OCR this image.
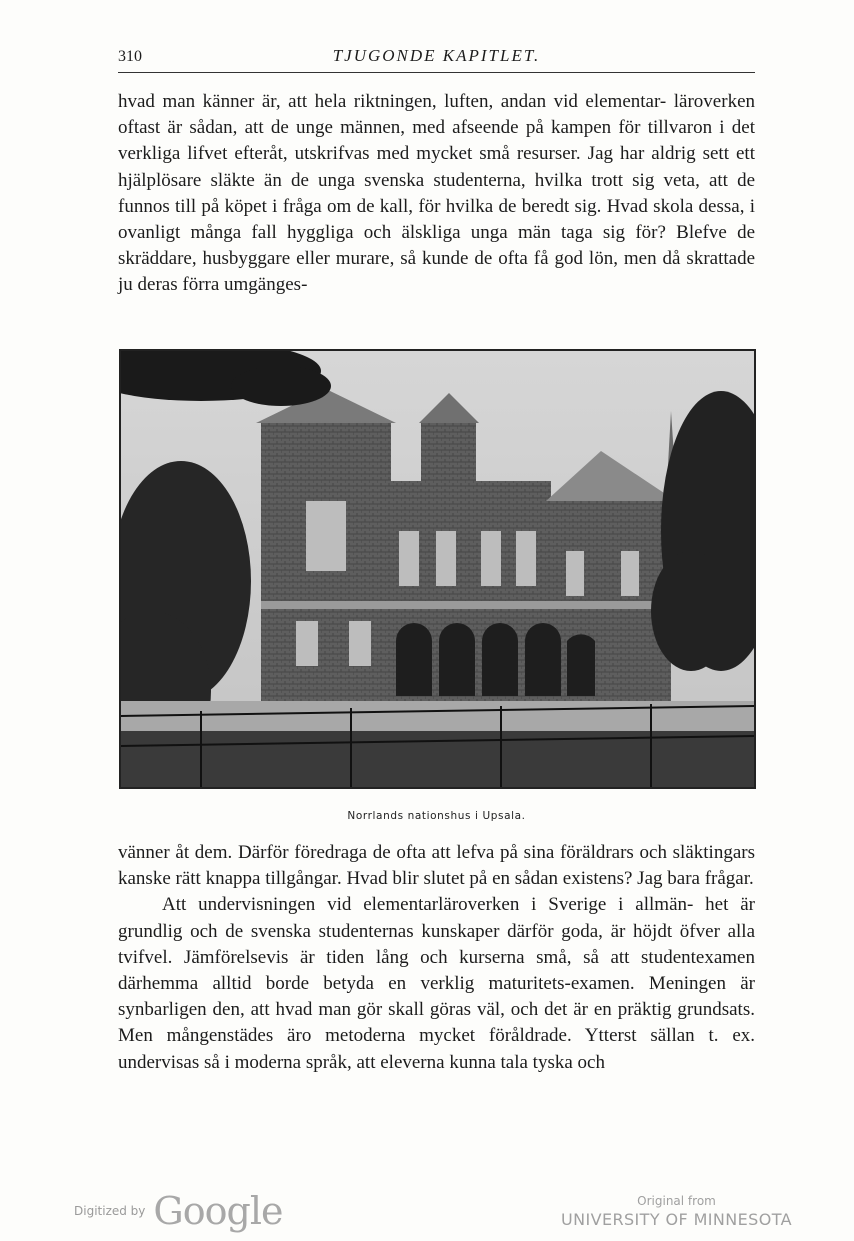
310	TJUGONDE KAPITLET.

hvad man känner är, att hela riktningen, luften, andan vid elementar- läroverken oftast är sådan, att de unge männen, med afseende på kampen för tillvaron i det verkliga lifvet efteråt, utskrifvas med mycket små resurser. Jag har aldrig sett ett hjälplösare släkte än de unga svenska studenterna, hvilka trott sig veta, att de funnos till på köpet i fråga om de kall, för hvilka de beredt sig. Hvad skola dessa, i ovanligt många fall hyggliga och älskliga unga män taga sig för? Blefve de skräddare, husbyggare eller murare, så kunde de ofta få god lön, men då skrattade ju deras förra umgänges-

Norrlands nationshus i Upsala.

vänner åt dem. Därför föredraga de ofta att lefva på sina föräldrars och släktingars kanske rätt knappa tillgångar. Hvad blir slutet på en sådan existens? Jag bara frågar.

Att undervisningen vid elementarläroverken i Sverige i allmän- het är grundlig och de svenska studenternas kunskaper därför goda, är höjdt öfver alla tvifvel. Jämförelsevis är tiden lång och kurserna små, så att studentexamen därhemma alltid borde betyda en verklig maturitets-examen. Meningen är synbarligen den, att hvad man gör skall göras väl, och det är en präktig grundsats. Men mångenstädes äro metoderna mycket föråldrade. Ytterst sällan t. ex. undervisas så i moderna språk, att eleverna kunna tala tyska och

Digitized by Google	Original from
UNIVERSITY OF MINNESOTA
